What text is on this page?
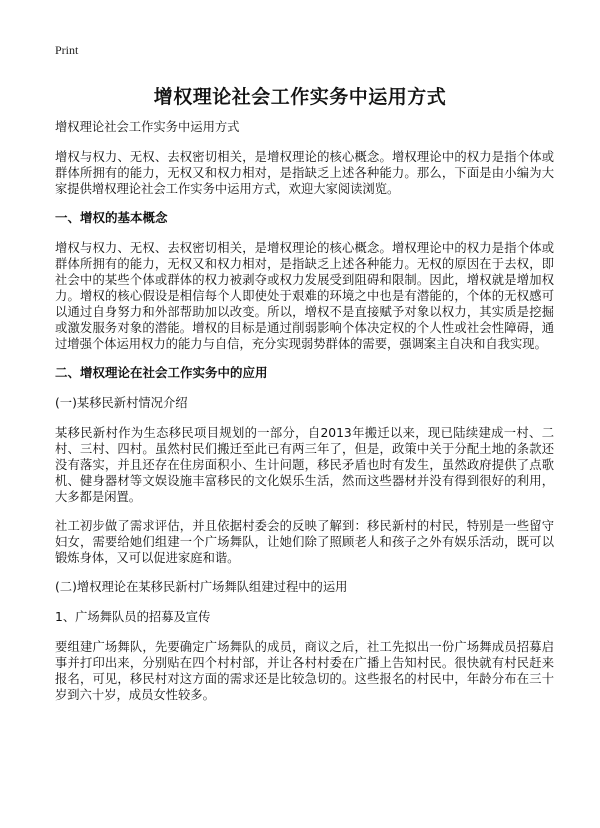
Print
增权理论社会工作实务中运用方式

增权理论社会工作实务中运用方式

增权与权力、无权、去权密切相关，是增权理论的核心概念。增权理论中的权力是指个体或群体所拥有的能力，无权又和权力相对，是指缺乏上述各种能力。那么，下面是由小编为大家提供增权理论社会工作实务中运用方式，欢迎大家阅读浏览。

一、增权的基本概念

增权与权力、无权、去权密切相关，是增权理论的核心概念。增权理论中的权力是指个体或群体所拥有的能力，无权又和权力相对，是指缺乏上述各种能力。无权的原因在于去权，即社会中的某些个体或群体的权力被剥夺或权力发展受到阻碍和限制。因此，增权就是增加权力。增权的核心假设是相信每个人即使处于艰难的环境之中也是有潜能的，个体的无权感可以通过自身努力和外部帮助加以改变。所以，增权不是直接赋予对象以权力，其实质是挖掘或激发服务对象的潜能。增权的目标是通过削弱影响个体决定权的个人性或社会性障碍，通过增强个体运用权力的能力与自信，充分实现弱势群体的需要，强调案主自决和自我实现。

二、增权理论在社会工作实务中的应用

(一)某移民新村情况介绍

某移民新村作为生态移民项目规划的一部分，自2013年搬迁以来，现已陆续建成一村、二村、三村、四村。虽然村民们搬迁至此已有两三年了，但是，政策中关于分配土地的条款还没有落实，并且还存在住房面积小、生计问题，移民矛盾也时有发生，虽然政府提供了点歌机、健身器材等文娱设施丰富移民的文化娱乐生活，然而这些器材并没有得到很好的利用，大多都是闲置。

社工初步做了需求评估，并且依据村委会的反映了解到：移民新村的村民，特别是一些留守妇女，需要给她们组建一个广场舞队，让她们除了照顾老人和孩子之外有娱乐活动，既可以锻炼身体，又可以促进家庭和谐。

(二)增权理论在某移民新村广场舞队组建过程中的运用

1、广场舞队员的招募及宣传

要组建广场舞队，先要确定广场舞队的成员，商议之后，社工先拟出一份广场舞成员招募启事并打印出来，分别贴在四个村村部，并让各村村委在广播上告知村民。很快就有村民赶来报名，可见，移民村对这方面的需求还是比较急切的。这些报名的村民中，年龄分布在三十岁到六十岁，成员女性较多。
